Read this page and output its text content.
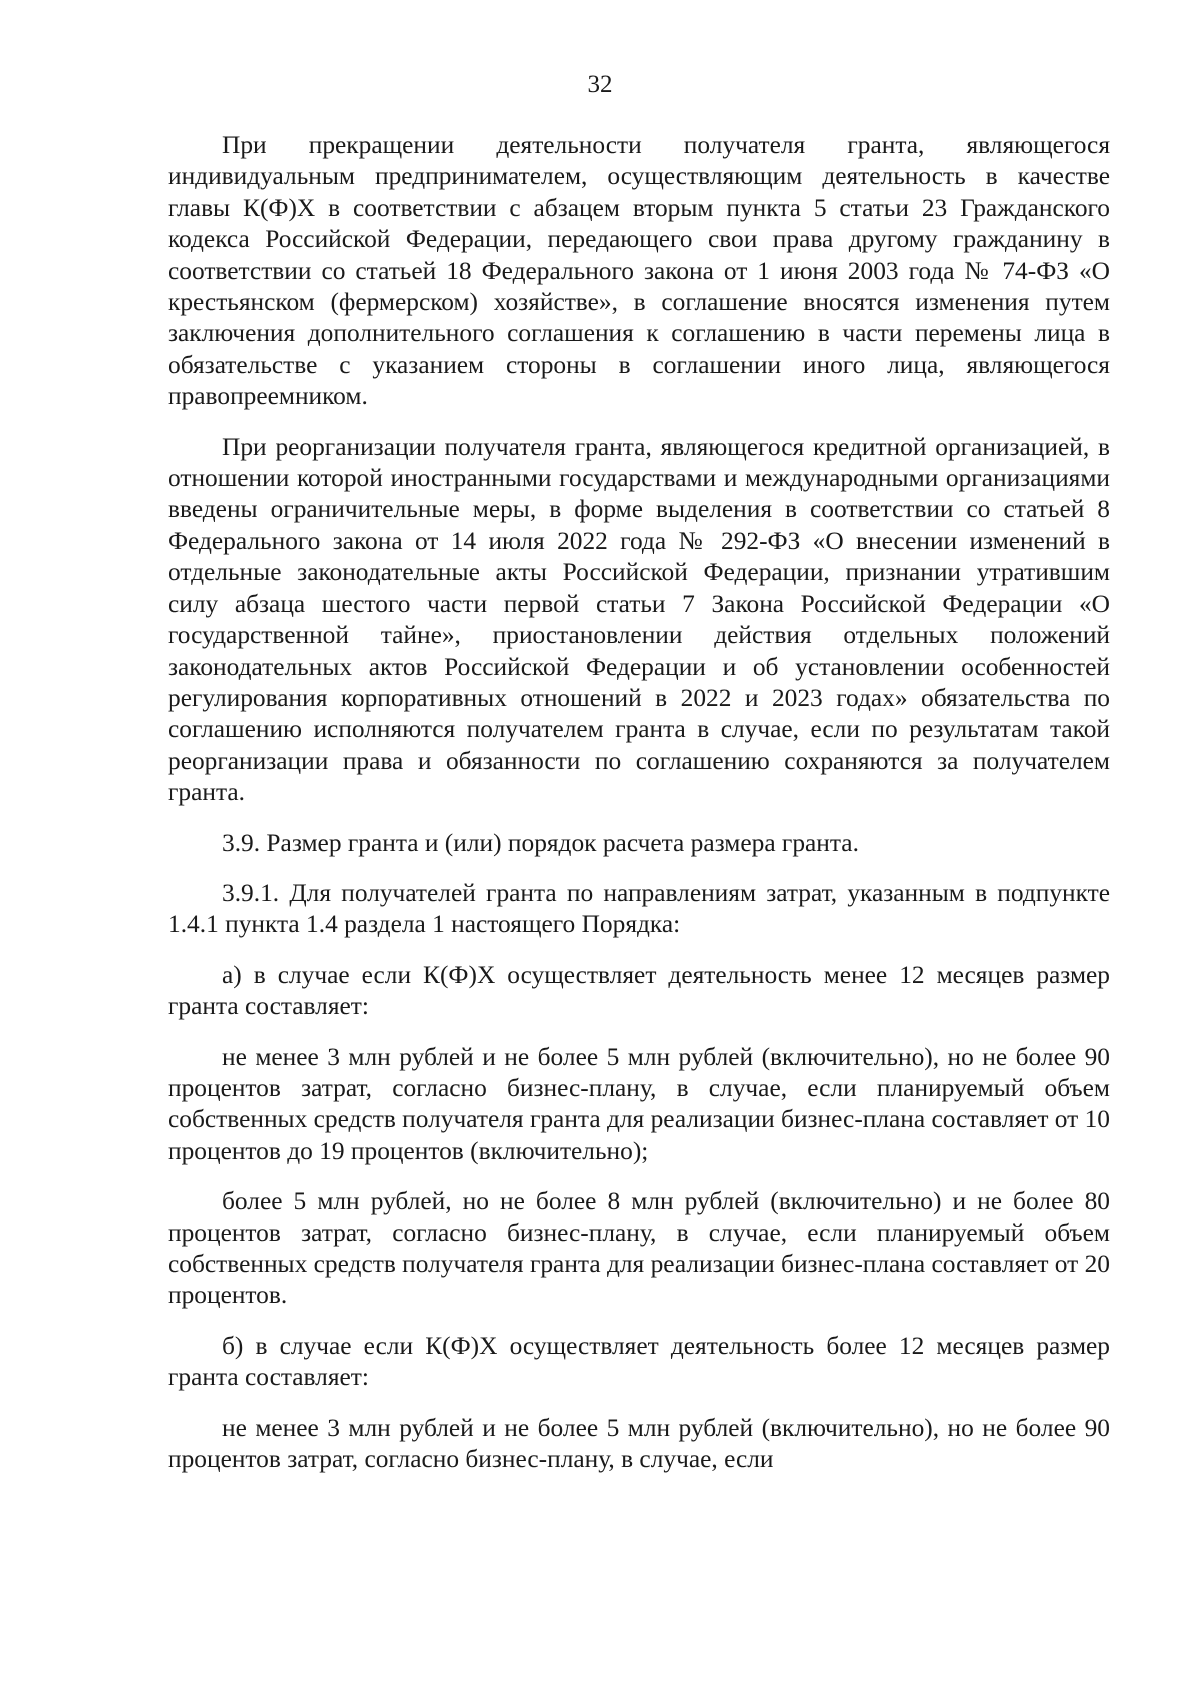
32

При прекращении деятельности получателя гранта, являющегося индивидуальным предпринимателем, осуществляющим деятельность в качестве главы К(Ф)Х в соответствии с абзацем вторым пункта 5 статьи 23 Гражданского кодекса Российской Федерации, передающего свои права другому гражданину в соответствии со статьей 18 Федерального закона от 1 июня 2003 года № 74-ФЗ «О крестьянском (фермерском) хозяйстве», в соглашение вносятся изменения путем заключения дополнительного соглашения к соглашению в части перемены лица в обязательстве с указанием стороны в соглашении иного лица, являющегося правопреемником.

При реорганизации получателя гранта, являющегося кредитной организацией, в отношении которой иностранными государствами и международными организациями введены ограничительные меры, в форме выделения в соответствии со статьей 8 Федерального закона от 14 июля 2022 года № 292-ФЗ «О внесении изменений в отдельные законодательные акты Российской Федерации, признании утратившим силу абзаца шестого части первой статьи 7 Закона Российской Федерации «О государственной тайне», приостановлении действия отдельных положений законодательных актов Российской Федерации и об установлении особенностей регулирования корпоративных отношений в 2022 и 2023 годах» обязательства по соглашению исполняются получателем гранта в случае, если по результатам такой реорганизации права и обязанности по соглашению сохраняются за получателем гранта.

3.9. Размер гранта и (или) порядок расчета размера гранта.

3.9.1. Для получателей гранта по направлениям затрат, указанным в подпункте 1.4.1 пункта 1.4 раздела 1 настоящего Порядка:

а) в случае если К(Ф)Х осуществляет деятельность менее 12 месяцев размер гранта составляет:

не менее 3 млн рублей и не более 5 млн рублей (включительно), но не более 90 процентов затрат, согласно бизнес-плану, в случае, если планируемый объем собственных средств получателя гранта для реализации бизнес-плана составляет от 10 процентов до 19 процентов (включительно);

более 5 млн рублей, но не более 8 млн рублей (включительно) и не более 80 процентов затрат, согласно бизнес-плану, в случае, если планируемый объем собственных средств получателя гранта для реализации бизнес-плана составляет от 20 процентов.

б) в случае если К(Ф)Х осуществляет деятельность более 12 месяцев размер гранта составляет:

не менее 3 млн рублей и не более 5 млн рублей (включительно), но не более 90 процентов затрат, согласно бизнес-плану, в случае, если
